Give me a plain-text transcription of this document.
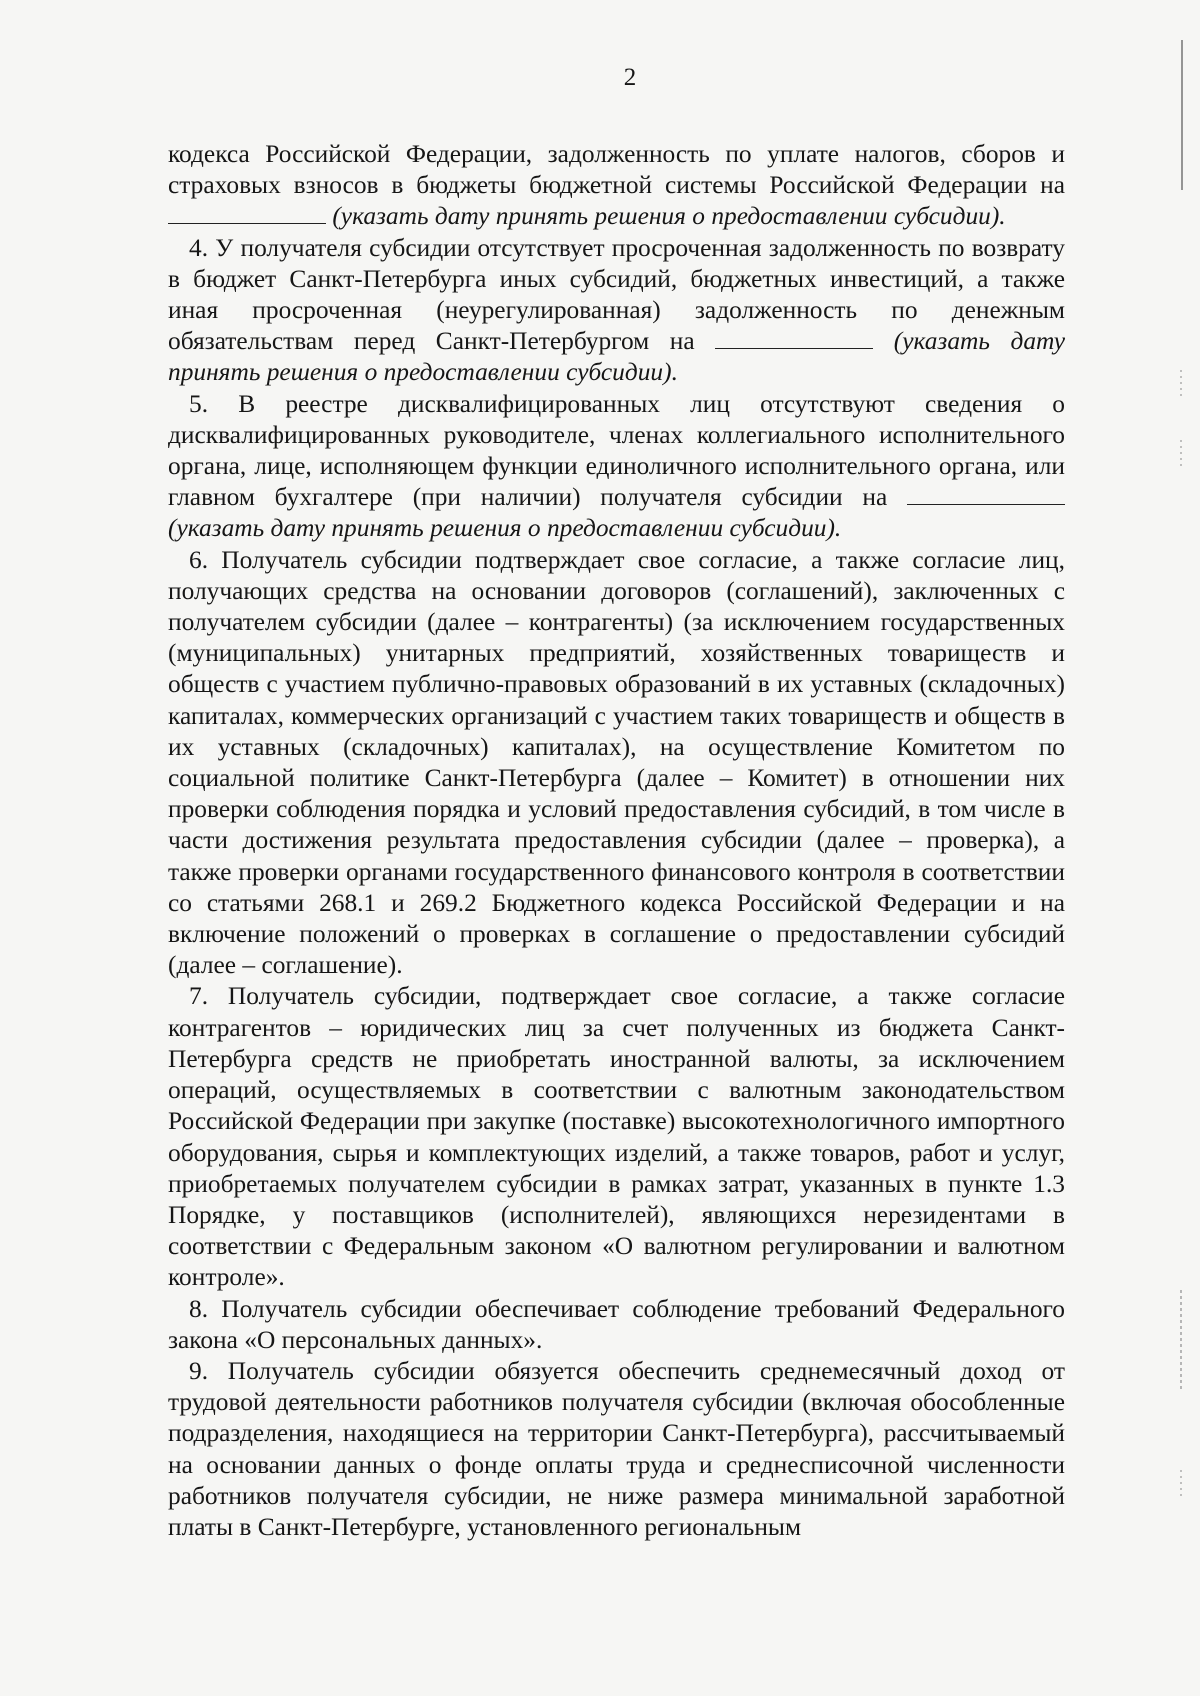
2

кодекса Российской Федерации, задолженность по уплате налогов, сборов и страховых взносов в бюджеты бюджетной системы Российской Федерации на  (указать дату принять решения о предоставлении субсидии).

4. У получателя субсидии отсутствует просроченная задолженность по возврату в бюджет Санкт-Петербурга иных субсидий, бюджетных инвестиций, а также иная просроченная (неурегулированная) задолженность по денежным обязательствам перед Санкт-Петербургом на	(указать дату принять решения о предоставлении субсидии).

5. В реестре дисквалифицированных лиц отсутствуют сведения о дисквалифицированных руководителе, членах коллегиального исполнительного органа, лице, исполняющем функции единоличного исполнительного органа, или главном бухгалтере (при наличии) получателя субсидии на  (указать дату принять решения о предоставлении субсидии).

6. Получатель субсидии подтверждает свое согласие, а также согласие лиц, получающих средства на основании договоров (соглашений), заключенных с получателем субсидии (далее – контрагенты) (за исключением государственных (муниципальных) унитарных предприятий, хозяйственных товариществ и обществ с участием публично-правовых образований в их уставных (складочных) капиталах, коммерческих организаций с участием таких товариществ и обществ в их уставных (складочных) капиталах), на осуществление Комитетом по социальной политике Санкт-Петербурга (далее – Комитет) в отношении них проверки соблюдения порядка и условий предоставления субсидий, в том числе в части достижения результата предоставления субсидии (далее – проверка), а также проверки органами государственного финансового контроля в соответствии со статьями 268.1 и 269.2 Бюджетного кодекса Российской Федерации и на включение положений о проверках в соглашение о предоставлении субсидий (далее – соглашение).

7. Получатель субсидии, подтверждает свое согласие, а также согласие контрагентов – юридических лиц за счет полученных из бюджета Санкт-Петербурга средств не приобретать иностранной валюты, за исключением операций, осуществляемых в соответствии с валютным законодательством Российской Федерации при закупке (поставке) высокотехнологичного импортного оборудования, сырья и комплектующих изделий, а также товаров, работ и услуг, приобретаемых получателем субсидии в рамках затрат, указанных в пункте 1.3 Порядке, у поставщиков (исполнителей), являющихся нерезидентами в соответствии с Федеральным законом «О валютном регулировании и валютном контроле».

8. Получатель субсидии обеспечивает соблюдение требований Федерального закона «О персональных данных».

9. Получатель субсидии обязуется обеспечить среднемесячный доход от трудовой деятельности работников получателя субсидии (включая обособленные подразделения, находящиеся на территории Санкт-Петербурга), рассчитываемый на основании данных о фонде оплаты труда и среднесписочной численности работников получателя субсидии, не ниже размера минимальной заработной платы в Санкт-Петербурге, установленного региональным
